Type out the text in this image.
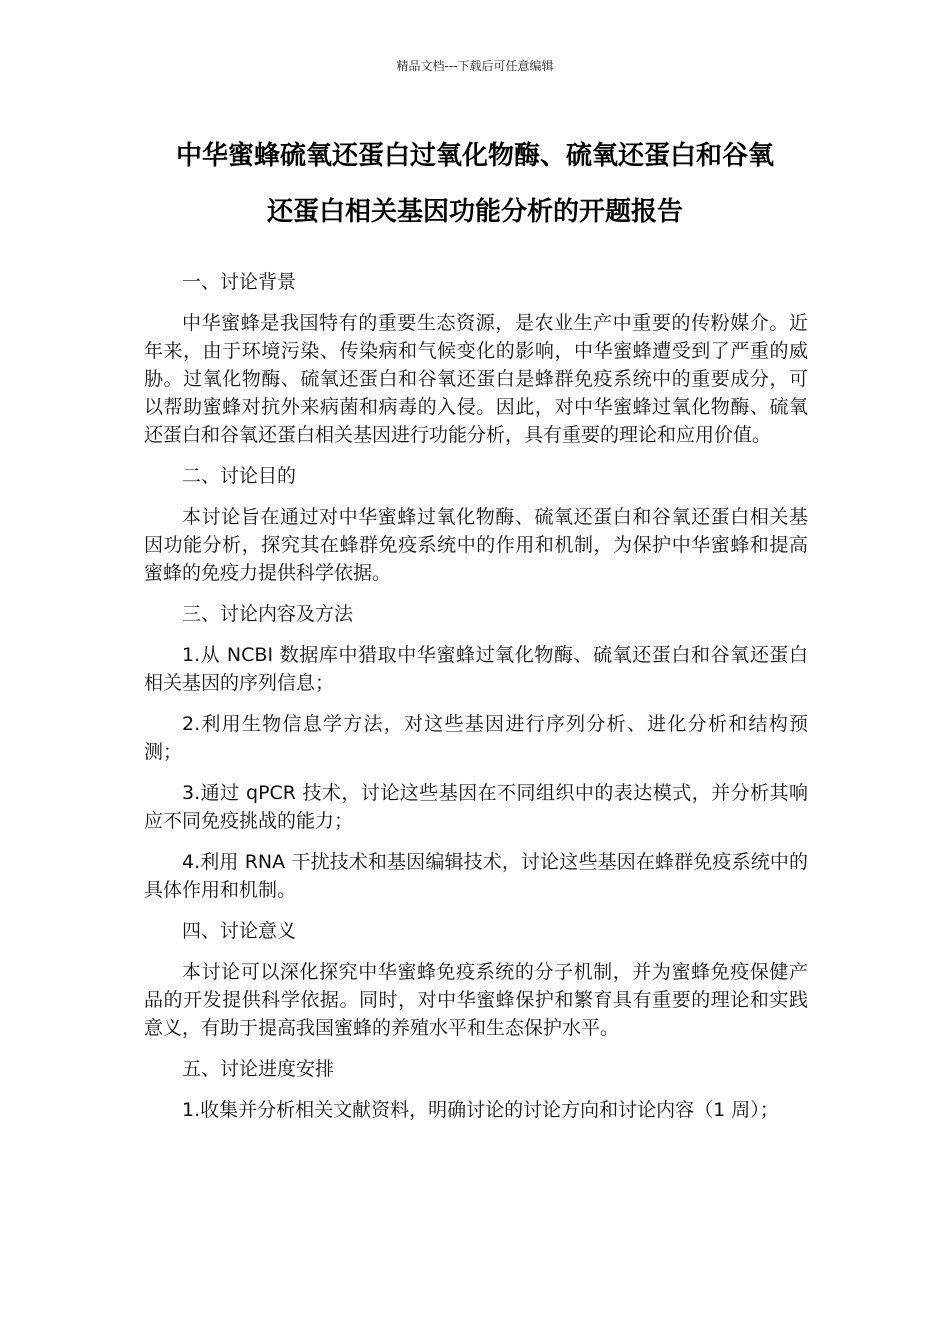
精品文档---下载后可任意编辑
中华蜜蜂硫氧还蛋白过氧化物酶、硫氧还蛋白和谷氧
还蛋白相关基因功能分析的开题报告

一、讨论背景

中华蜜蜂是我国特有的重要生态资源，是农业生产中重要的传粉媒介。近年来，由于环境污染、传染病和气候变化的影响，中华蜜蜂遭受到了严重的威胁。过氧化物酶、硫氧还蛋白和谷氧还蛋白是蜂群免疫系统中的重要成分，可以帮助蜜蜂对抗外来病菌和病毒的入侵。因此，对中华蜜蜂过氧化物酶、硫氧还蛋白和谷氧还蛋白相关基因进行功能分析，具有重要的理论和应用价值。

二、讨论目的

本讨论旨在通过对中华蜜蜂过氧化物酶、硫氧还蛋白和谷氧还蛋白相关基因功能分析，探究其在蜂群免疫系统中的作用和机制，为保护中华蜜蜂和提高蜜蜂的免疫力提供科学依据。

三、讨论内容及方法

1.从 NCBI 数据库中猎取中华蜜蜂过氧化物酶、硫氧还蛋白和谷氧还蛋白相关基因的序列信息；

2.利用生物信息学方法，对这些基因进行序列分析、进化分析和结构预测；

3.通过 qPCR 技术，讨论这些基因在不同组织中的表达模式，并分析其响应不同免疫挑战的能力；

4.利用 RNA 干扰技术和基因编辑技术，讨论这些基因在蜂群免疫系统中的具体作用和机制。

四、讨论意义

本讨论可以深化探究中华蜜蜂免疫系统的分子机制，并为蜜蜂免疫保健产品的开发提供科学依据。同时，对中华蜜蜂保护和繁育具有重要的理论和实践意义，有助于提高我国蜜蜂的养殖水平和生态保护水平。

五、讨论进度安排

1.收集并分析相关文献资料，明确讨论的讨论方向和讨论内容（1 周）；
